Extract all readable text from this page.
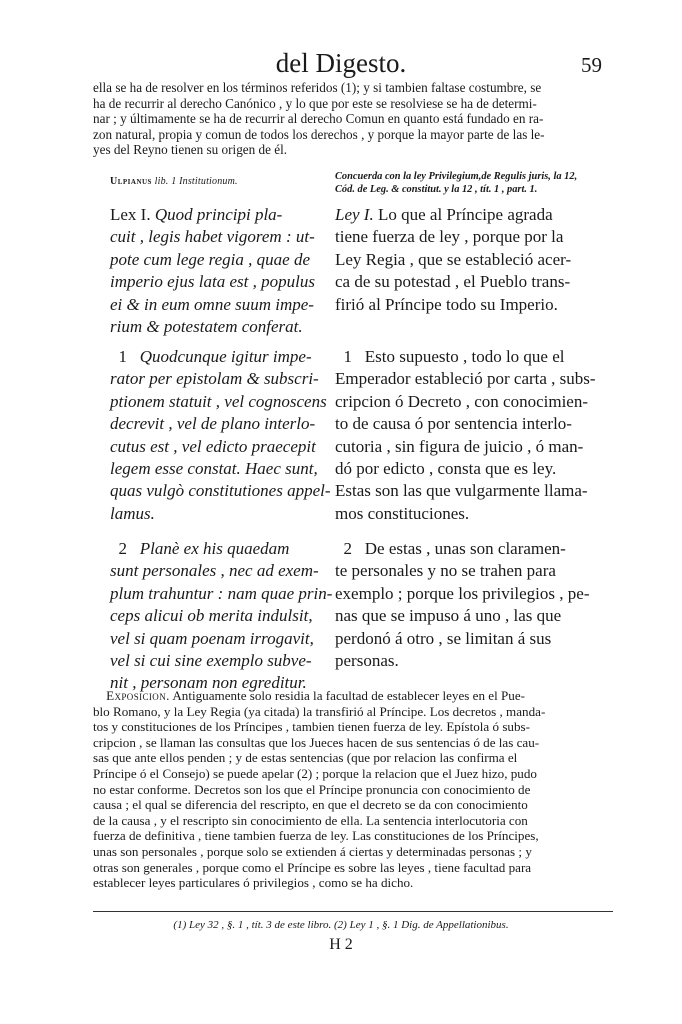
del Digesto.	59
ella se ha de resolver en los términos referidos (1); y si tambien faltase costumbre, se
ha de recurrir al derecho Canónico , y lo que por este se resolviese se ha de determi-
nar ; y últimamente se ha de recurrir al derecho Comun en quanto está fundado en ra-
zon natural, propia y comun de todos los derechos , y porque la mayor parte de las le-
yes del Reyno tienen su origen de él.
Ulpianus lib. 1 Institutionum.	Concuerda con la ley Privilegium,de Regulis juris, la 12,
Cód. de Leg. & constitut. y la 12 , tít. 1 , part. 1.
Lex I. Quod principi pla-
cuit , legis habet vigorem : ut-
pote cum lege regia , quae de
imperio ejus lata est , populus
ei & in eum omne suum impe-
rium & potestatem conferat.
Ley I. Lo que al Príncipe agrada
tiene fuerza de ley , porque por la
Ley Regia , que se estableció acer-
ca de su potestad , el Pueblo trans-
firió al Príncipe todo su Imperio.
1   Quodcunque igitur impe-
rator per epistolam & subscri-
ptionem statuit , vel cognoscens
decrevit , vel de plano interlo-
cutus est , vel edicto praecepit
legem esse constat. Haec sunt,
quas vulgò constitutiones appel-
lamus.
1   Esto supuesto , todo lo que el
Emperador estableció por carta , subs-
cripcion ó Decreto , con conocimien-
to de causa ó por sentencia interlo-
cutoria , sin figura de juicio , ó man-
dó por edicto , consta que es ley.
Estas son las que vulgarmente llama-
mos constituciones.
2   Planè ex his quaedam
sunt personales , nec ad exem-
plum trahuntur : nam quae prin-
ceps alicui ob merita indulsit,
vel si quam poenam irrogavit,
vel si cui sine exemplo subve-
nit , personam non egreditur.
2   De estas , unas son claramen-
te personales y no se trahen para
exemplo ; porque los privilegios , pe-
nas que se impuso á uno , las que
perdonó á otro , se limitan á sus
personas.
Exposicion. Antiguamente solo residia la facultad de establecer leyes en el Pue-
blo Romano, y la Ley Regia (ya citada) la transfirió al Príncipe. Los decretos , manda-
tos y constituciones de los Príncipes , tambien tienen fuerza de ley. Epístola ó subs-
cripcion , se llaman las consultas que los Jueces hacen de sus sentencias ó de las cau-
sas que ante ellos penden ; y de estas sentencias (que por relacion las confirma el
Príncipe ó el Consejo) se puede apelar (2) ; porque la relacion que el Juez hizo, pudo
no estar conforme. Decretos son los que el Príncipe pronuncia con conocimiento de
causa ; el qual se diferencia del rescripto, en que el decreto se da con conocimiento
de la causa , y el rescripto sin conocimiento de ella. La sentencia interlocutoria con
fuerza de definitiva , tiene tambien fuerza de ley. Las constituciones de los Príncipes,
unas son personales , porque solo se extienden á ciertas y determinadas personas ; y
otras son generales , porque como el Príncipe es sobre las leyes , tiene facultad para
establecer leyes particulares ó privilegios , como se ha dicho.
(1) Ley 32 , §. 1 , tít. 3 de este libro. (2) Ley 1 , §. 1 Dig. de Appellationibus.
H 2
